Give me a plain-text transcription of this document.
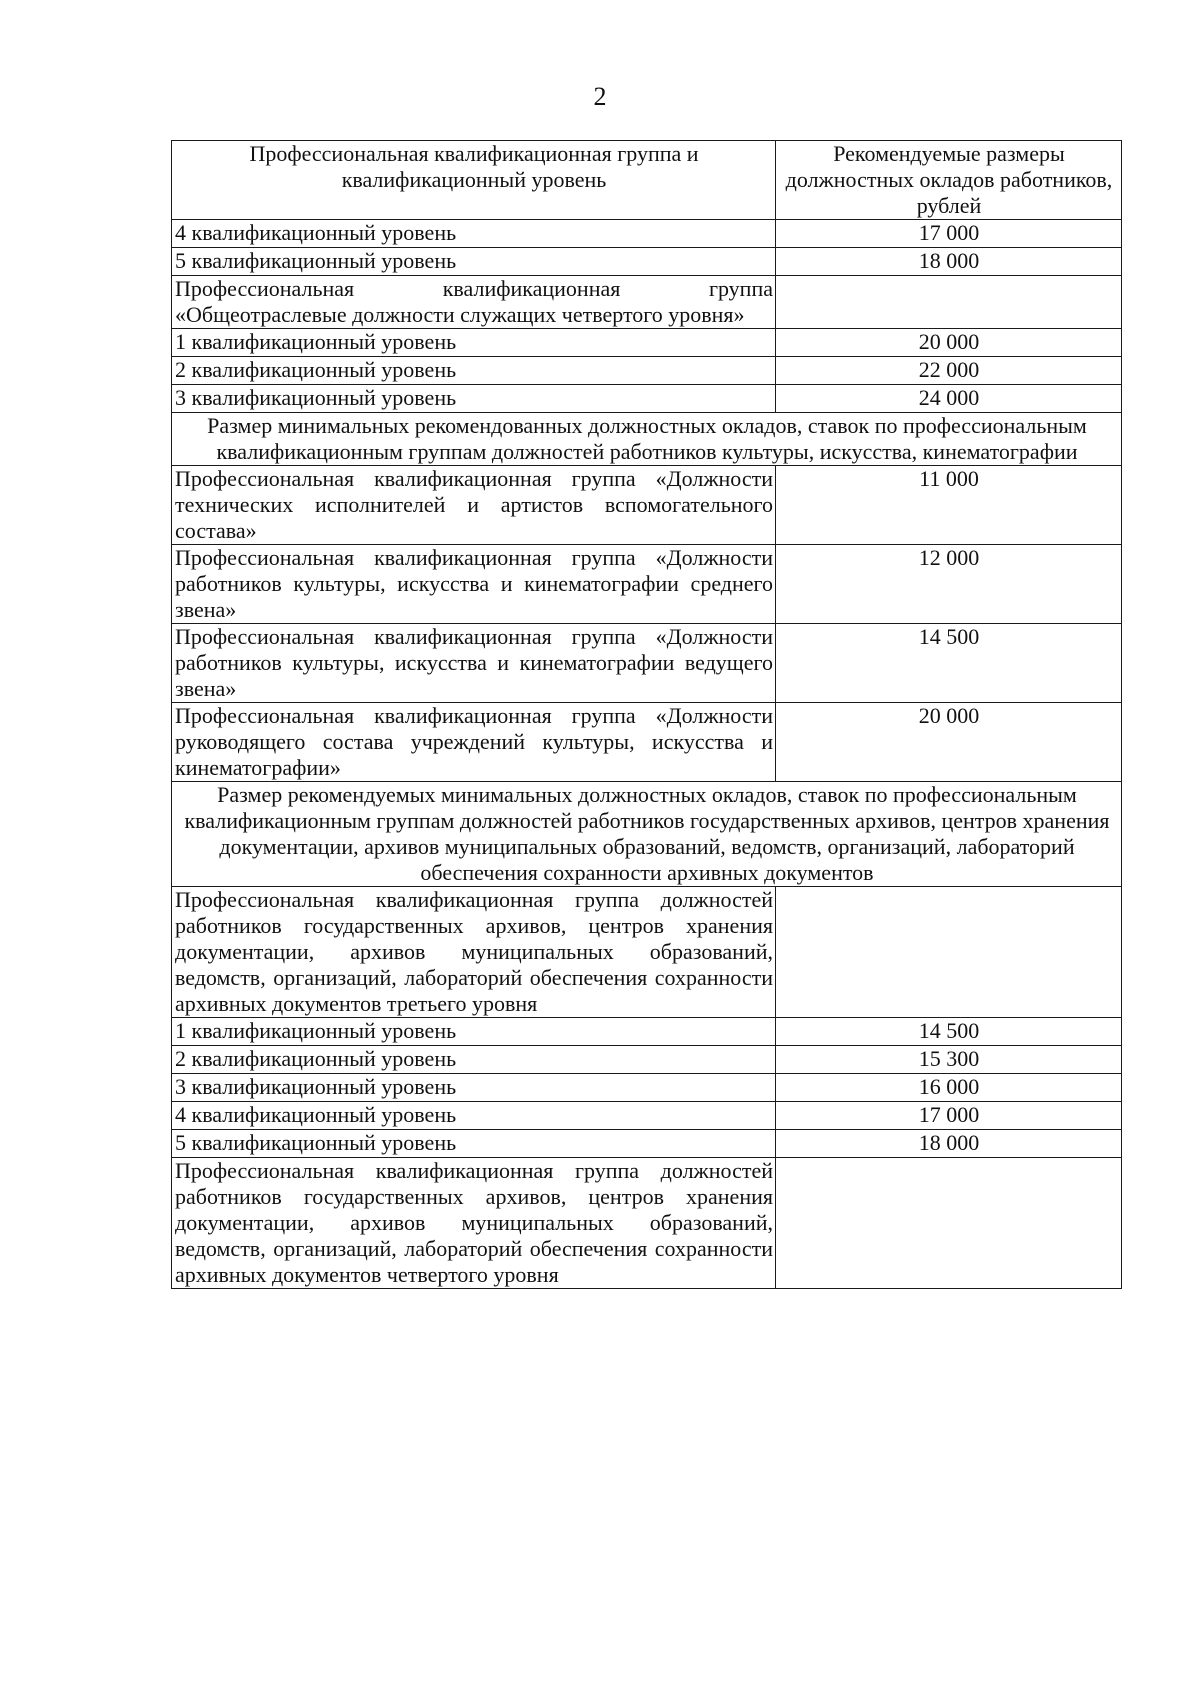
2
Профессиональная квалификационная группа и квалификационный уровень	Рекомендуемые размеры должностных окладов работников, рублей
4 квалификационный уровень	17 000
5 квалификационный уровень	18 000
Профессиональная квалификационная группа «Общеотраслевые должности служащих четвертого уровня»	
1 квалификационный уровень	20 000
2 квалификационный уровень	22 000
3 квалификационный уровень	24 000
Размер минимальных рекомендованных должностных окладов, ставок по профессиональным квалификационным группам должностей работников культуры, искусства, кинематографии	
Профессиональная квалификационная группа «Должности технических исполнителей и артистов вспомогательного состава»	11 000
Профессиональная квалификационная группа «Должности работников культуры, искусства и кинематографии среднего звена»	12 000
Профессиональная квалификационная группа «Должности работников культуры, искусства и кинематографии ведущего звена»	14 500
Профессиональная квалификационная группа «Должности руководящего состава учреждений культуры, искусства и кинематографии»	20 000
Размер рекомендуемых минимальных должностных окладов, ставок по профессиональным квалификационным группам должностей работников государственных архивов, центров хранения документации, архивов муниципальных образований, ведомств, организаций, лабораторий обеспечения сохранности архивных документов	
Профессиональная квалификационная группа должностей работников государственных архивов, центров хранения документации, архивов муниципальных образований, ведомств, организаций, лабораторий обеспечения сохранности архивных документов третьего уровня	
1 квалификационный уровень	14 500
2 квалификационный уровень	15 300
3 квалификационный уровень	16 000
4 квалификационный уровень	17 000
5 квалификационный уровень	18 000
Профессиональная квалификационная группа должностей работников государственных архивов, центров хранения документации, архивов муниципальных образований, ведомств, организаций, лабораторий обеспечения сохранности архивных документов четвертого уровня	
